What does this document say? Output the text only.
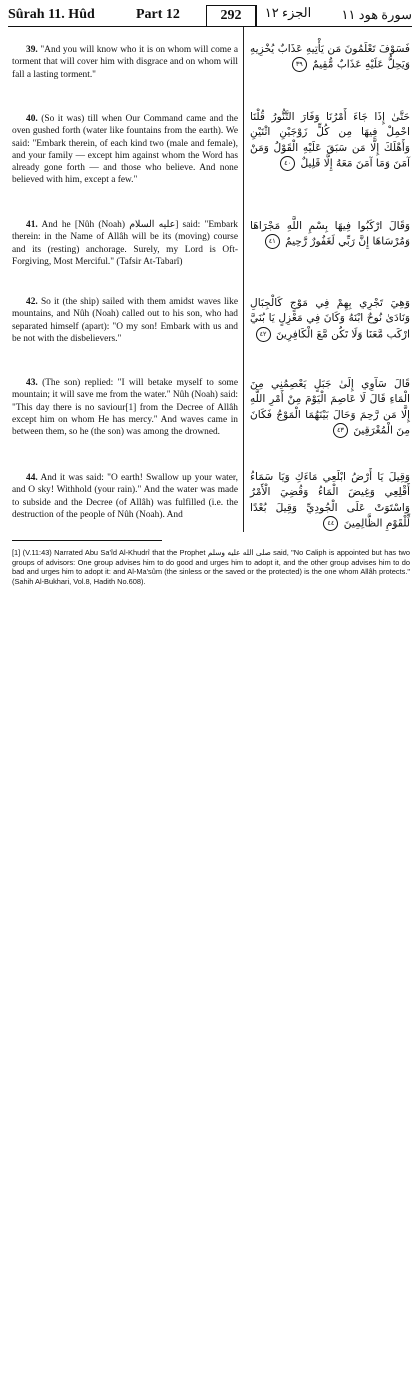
Sûrah 11. Hûd	Part 12	292	الجزء ١٢	سورة هود ١١
39. "And you will know who it is on whom will come a torment that will cover him with disgrace and on whom will fall a lasting torment."
فَسَوْفَ تَعْلَمُونَ مَن يَأْتِيهِ عَذَابٌ يُخْزِيهِ وَيَحِلُّ عَلَيْهِ عَذَابٌ مُّقِيمٌ ٣٩
40. (So it was) till when Our Command came and the oven gushed forth (water like fountains from the earth). We said: "Embark therein, of each kind two (male and female), and your family — except him against whom the Word has already gone forth — and those who believe. And none believed with him, except a few."
حَتَّىٰ إِذَا جَاءَ أَمْرُنَا وَفَارَ التَّنُّورُ قُلْنَا احْمِلْ فِيهَا مِن كُلٍّ زَوْجَيْنِ اثْنَيْنِ وَأَهْلَكَ إِلَّا مَن سَبَقَ عَلَيْهِ الْقَوْلُ وَمَنْ آمَنَ وَمَا آمَنَ مَعَهُ إِلَّا قَلِيلٌ ٤٠
41. And he [Nûh (Noah) عليه السلام] said: "Embark therein: in the Name of Allâh will be its (moving) course and its (resting) anchorage. Surely, my Lord is Oft-Forgiving, Most Merciful." (Tafsir At-Tabarî)
وَقَالَ ارْكَبُوا فِيهَا بِسْمِ اللَّهِ مَجْرَاهَا وَمُرْسَاهَا إِنَّ رَبِّي لَغَفُورٌ رَّحِيمٌ ٤١
42. So it (the ship) sailed with them amidst waves like mountains, and Nûh (Noah) called out to his son, who had separated himself (apart): "O my son! Embark with us and be not with the disbelievers."
وَهِيَ تَجْرِي بِهِمْ فِي مَوْجٍ كَالْجِبَالِ وَنَادَىٰ نُوحٌ ابْنَهُ وَكَانَ فِي مَعْزِلٍ يَا بُنَيَّ ارْكَب مَّعَنَا وَلَا تَكُن مَّعَ الْكَافِرِينَ ٤٢
43. (The son) replied: "I will betake myself to some mountain; it will save me from the water." Nûh (Noah) said: "This day there is no saviour[1] from the Decree of Allâh except him on whom He has mercy." And waves came in between them, so he (the son) was among the drowned.
قَالَ سَآوِي إِلَىٰ جَبَلٍ يَعْصِمُنِي مِنَ الْمَاءِ قَالَ لَا عَاصِمَ الْيَوْمَ مِنْ أَمْرِ اللَّهِ إِلَّا مَن رَّحِمَ وَحَالَ بَيْنَهُمَا الْمَوْجُ فَكَانَ مِنَ الْمُغْرَقِينَ ٤٣
44. And it was said: "O earth! Swallow up your water, and O sky! Withhold (your rain)." And the water was made to subside and the Decree (of Allâh) was fulfilled (i.e. the destruction of the people of Nûh (Noah). And
وَقِيلَ يَا أَرْضُ ابْلَعِي مَاءَكِ وَيَا سَمَاءُ أَقْلِعِي وَغِيضَ الْمَاءُ وَقُضِيَ الْأَمْرُ وَاسْتَوَتْ عَلَى الْجُودِيِّ وَقِيلَ بُعْدًا لِّلْقَوْمِ الظَّالِمِينَ ٤٤
[1] (V.11:43) Narrated Abu Sa'îd Al-Khudrî that the Prophet صلى الله عليه وسلم said, "No Caliph is appointed but has two groups of advisors: One group advises him to do good and urges him to adopt it, and the other group advises him to do bad and urges him to adopt it: and Al-Ma'sûm (the sinless or the saved or the protected) is the one whom Allâh protects." (Sahih Al-Bukhari, Vol.8, Hadith No.608).
